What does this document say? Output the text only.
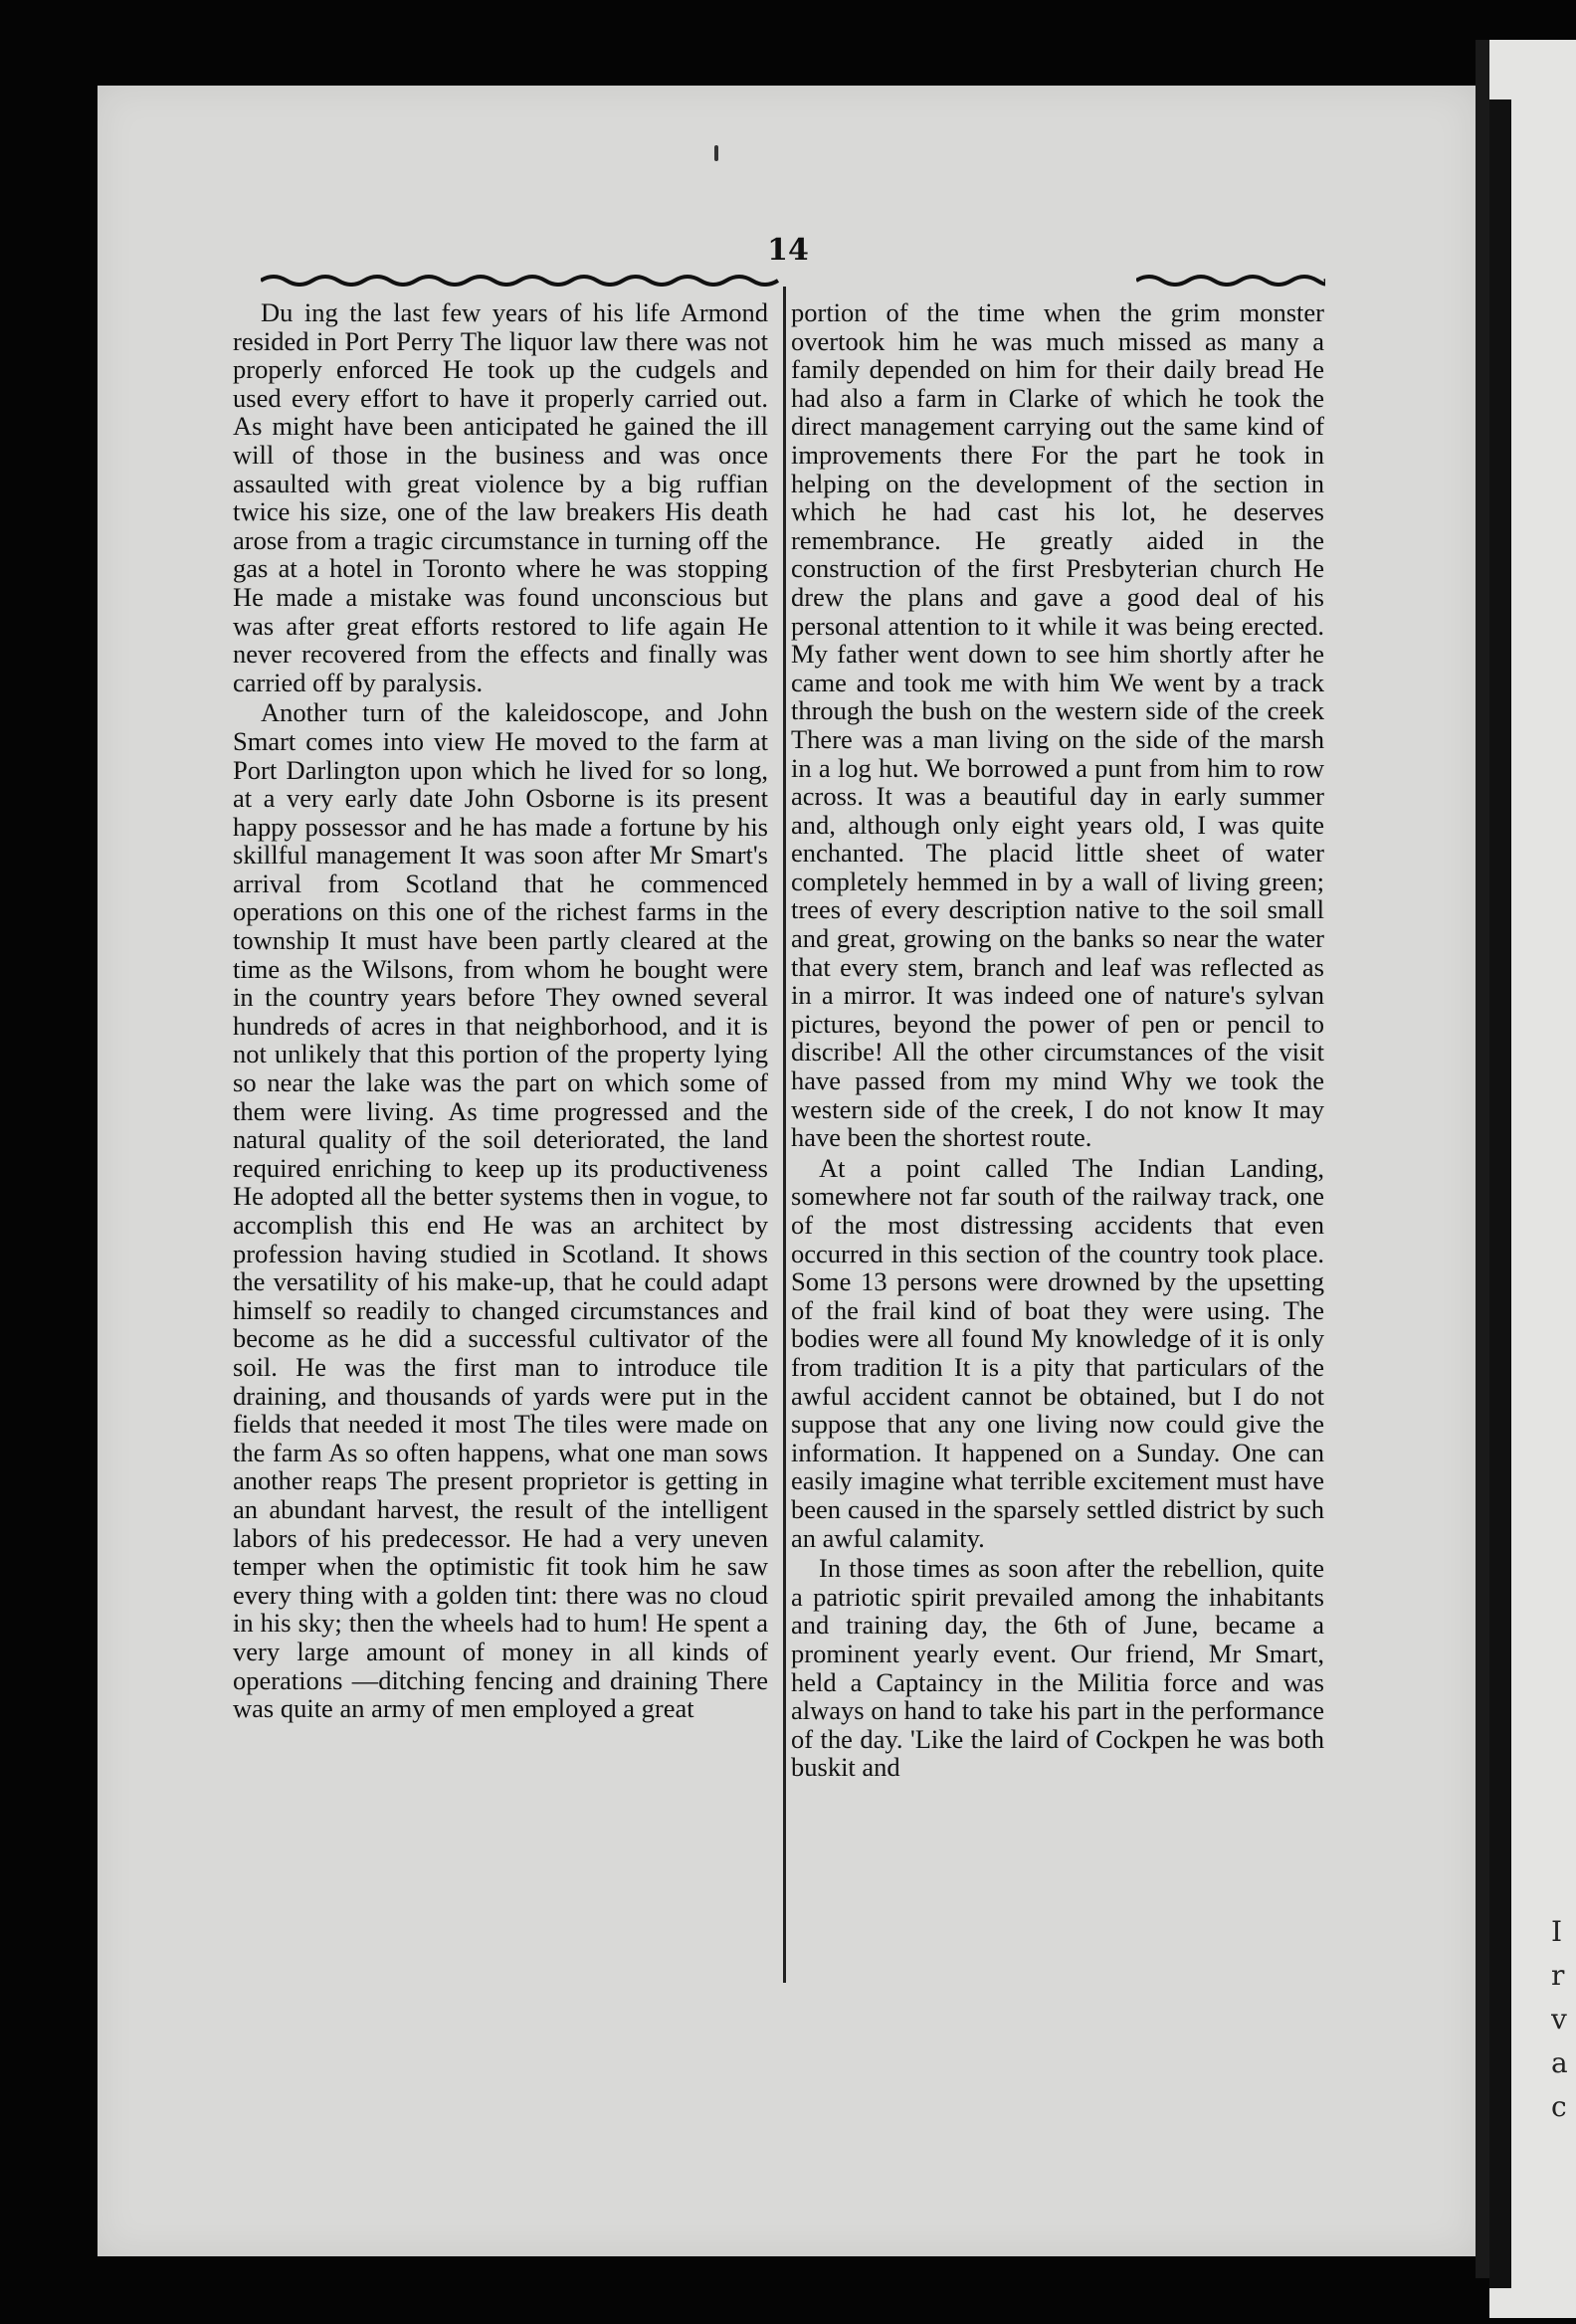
I
r
v
a
c
14

Du ing the last few years of his life Armond resided in Port Perry The liquor law there was not properly enforced He took up the cudgels and used every effort to have it properly carried out. As might have been anticipated he gained the ill will of those in the business and was once assaulted with great violence by a big ruffian twice his size, one of the law breakers His death arose from a tragic circumstance in turning off the gas at a hotel in Toronto where he was stopping He made a mistake was found unconscious but was after great efforts restored to life again He never recovered from the effects and finally was carried off by paralysis.

Another turn of the kaleidoscope, and John Smart comes into view He moved to the farm at Port Darlington upon which he lived for so long, at a very early date John Osborne is its present happy possessor and he has made a fortune by his skillful management It was soon after Mr Smart's arrival from Scotland that he commenced operations on this one of the richest farms in the township It must have been partly cleared at the time as the Wilsons, from whom he bought were in the country years before They owned several hundreds of acres in that neighborhood, and it is not unlikely that this portion of the property lying so near the lake was the part on which some of them were living. As time progressed and the natural quality of the soil deteriorated, the land required enriching to keep up its productiveness He adopted all the better systems then in vogue, to accomplish this end He was an architect by profession having studied in Scotland. It shows the versatility of his make-up, that he could adapt himself so readily to changed circumstances and become as he did a successful cultivator of the soil. He was the first man to introduce tile draining, and thousands of yards were put in the fields that needed it most The tiles were made on the farm As so often happens, what one man sows another reaps The present proprietor is getting in an abundant harvest, the result of the intelligent labors of his predecessor. He had a very uneven temper when the optimistic fit took him he saw every thing with a golden tint: there was no cloud in his sky; then the wheels had to hum! He spent a very large amount of money in all kinds of operations —ditching fencing and draining There was quite an army of men employed a great

portion of the time when the grim monster overtook him he was much missed as many a family depended on him for their daily bread He had also a farm in Clarke of which he took the direct management carrying out the same kind of improvements there For the part he took in helping on the development of the section in which he had cast his lot, he deserves remembrance. He greatly aided in the construction of the first Presbyterian church He drew the plans and gave a good deal of his personal attention to it while it was being erected. My father went down to see him shortly after he came and took me with him We went by a track through the bush on the western side of the creek There was a man living on the side of the marsh in a log hut. We borrowed a punt from him to row across. It was a beautiful day in early summer and, although only eight years old, I was quite enchanted. The placid little sheet of water completely hemmed in by a wall of living green; trees of every description native to the soil small and great, growing on the banks so near the water that every stem, branch and leaf was reflected as in a mirror. It was indeed one of nature's sylvan pictures, beyond the power of pen or pencil to discribe! All the other circumstances of the visit have passed from my mind Why we took the western side of the creek, I do not know It may have been the shortest route.

At a point called The Indian Landing, somewhere not far south of the railway track, one of the most distressing accidents that even occurred in this section of the country took place. Some 13 persons were drowned by the upsetting of the frail kind of boat they were using. The bodies were all found My knowledge of it is only from tradition It is a pity that particulars of the awful accident cannot be obtained, but I do not suppose that any one living now could give the information. It happened on a Sunday. One can easily imagine what terrible excitement must have been caused in the sparsely settled district by such an awful calamity.

In those times as soon after the rebellion, quite a patriotic spirit prevailed among the inhabitants and training day, the 6th of June, became a prominent yearly event. Our friend, Mr Smart, held a Captaincy in the Militia force and was always on hand to take his part in the performance of the day. 'Like the laird of Cockpen he was both buskit and
